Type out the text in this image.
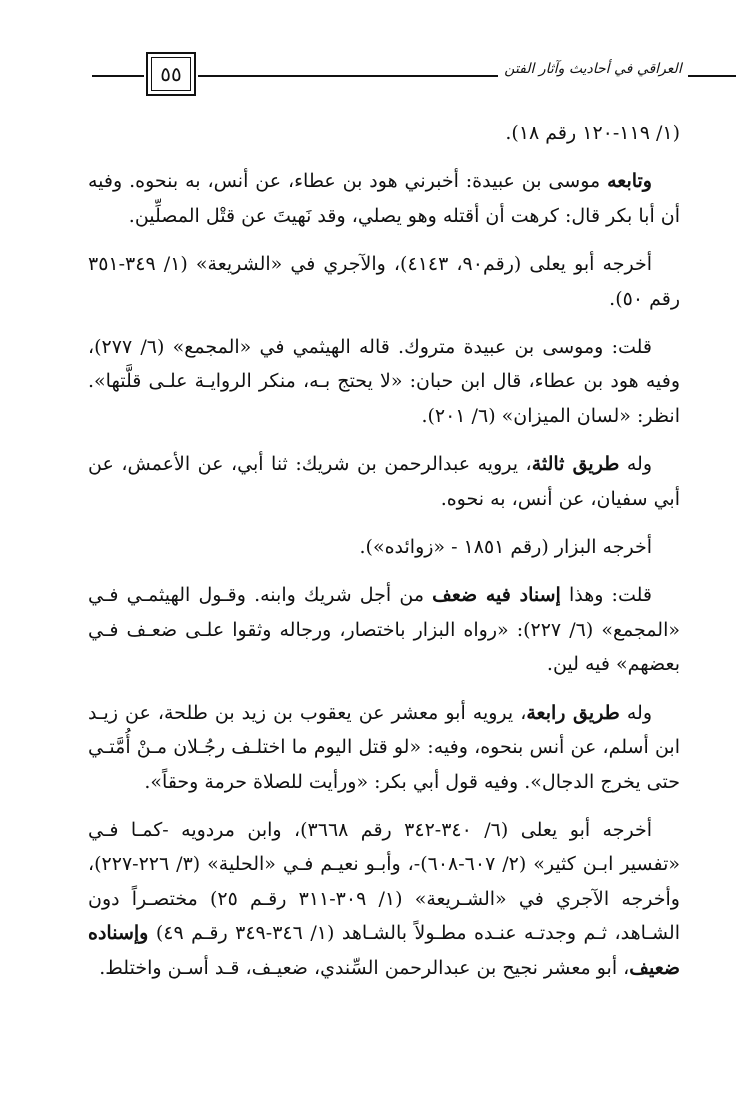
٥٥	العراقي في أحاديث وآثار الفتن

(١/ ١١٩-١٢٠ رقم ١٨).

وتابعه موسى بن عبيدة: أخبرني هود بن عطاء، عن أنس، به بنحوه. وفيه أن أبا بكر قال: كرهت أن أقتله وهو يصلي، وقد نَهيتَ عن قتْل المصلِّين.

أخرجه أبو يعلى (رقم٩٠، ٤١٤٣)، والآجري في «الشريعة» (١/ ٣٤٩-٣٥١ رقم ٥٠).

قلت: وموسى بن عبيدة متروك. قاله الهيثمي في «المجمع» (٦/ ٢٧٧)، وفيه هود بن عطاء، قال ابن حبان: «لا يحتج بـه، منكر الروايـة علـى قلَّتها». انظر: «لسان الميزان» (٦/ ٢٠١).

وله طريق ثالثة، يرويه عبدالرحمن بن شريك: ثنا أبي، عن الأعمش، عن أبي سفيان، عن أنس، به نحوه.

أخرجه البزار (رقم ١٨٥١ - «زوائده»).

قلت: وهذا إسناد فيه ضعف من أجل شريك وابنه. وقـول الهيثمـي فـي «المجمع» (٦/ ٢٢٧): «رواه البزار باختصار، ورجاله وثقوا علـى ضعـف فـي بعضهم» فيه لين.

وله طريق رابعة، يرويه أبو معشر عن يعقوب بن زيد بن طلحة، عن زيـد ابن أسلم، عن أنس بنحوه، وفيه: «لو قتل اليوم ما اختلـف رجُـلان مـنْ أُمَّتـي حتى يخرج الدجال». وفيه قول أبي بكر: «ورأيت للصلاة حرمة وحقاً».

أخرجه أبو يعلى (٦/ ٣٤٠-٣٤٢ رقم ٣٦٦٨)، وابن مردويه -كمـا فـي «تفسير ابـن كثير» (٢/ ٦٠٧-٦٠٨)-، وأبـو نعيـم فـي «الحلية» (٣/ ٢٢٦-٢٢٧)، وأخرجه الآجري في «الشـريعة» (١/ ٣٠٩-٣١١ رقـم ٢٥) مختصـراً دون الشـاهد، ثـم وجدتـه عنـده مطـولاً بالشـاهد (١/ ٣٤٦-٣٤٩ رقـم ٤٩) وإسناده ضعيف، أبو معشر نجيح بن عبدالرحمن السِّندي، ضعيـف، قـد أسـن واختلط.
